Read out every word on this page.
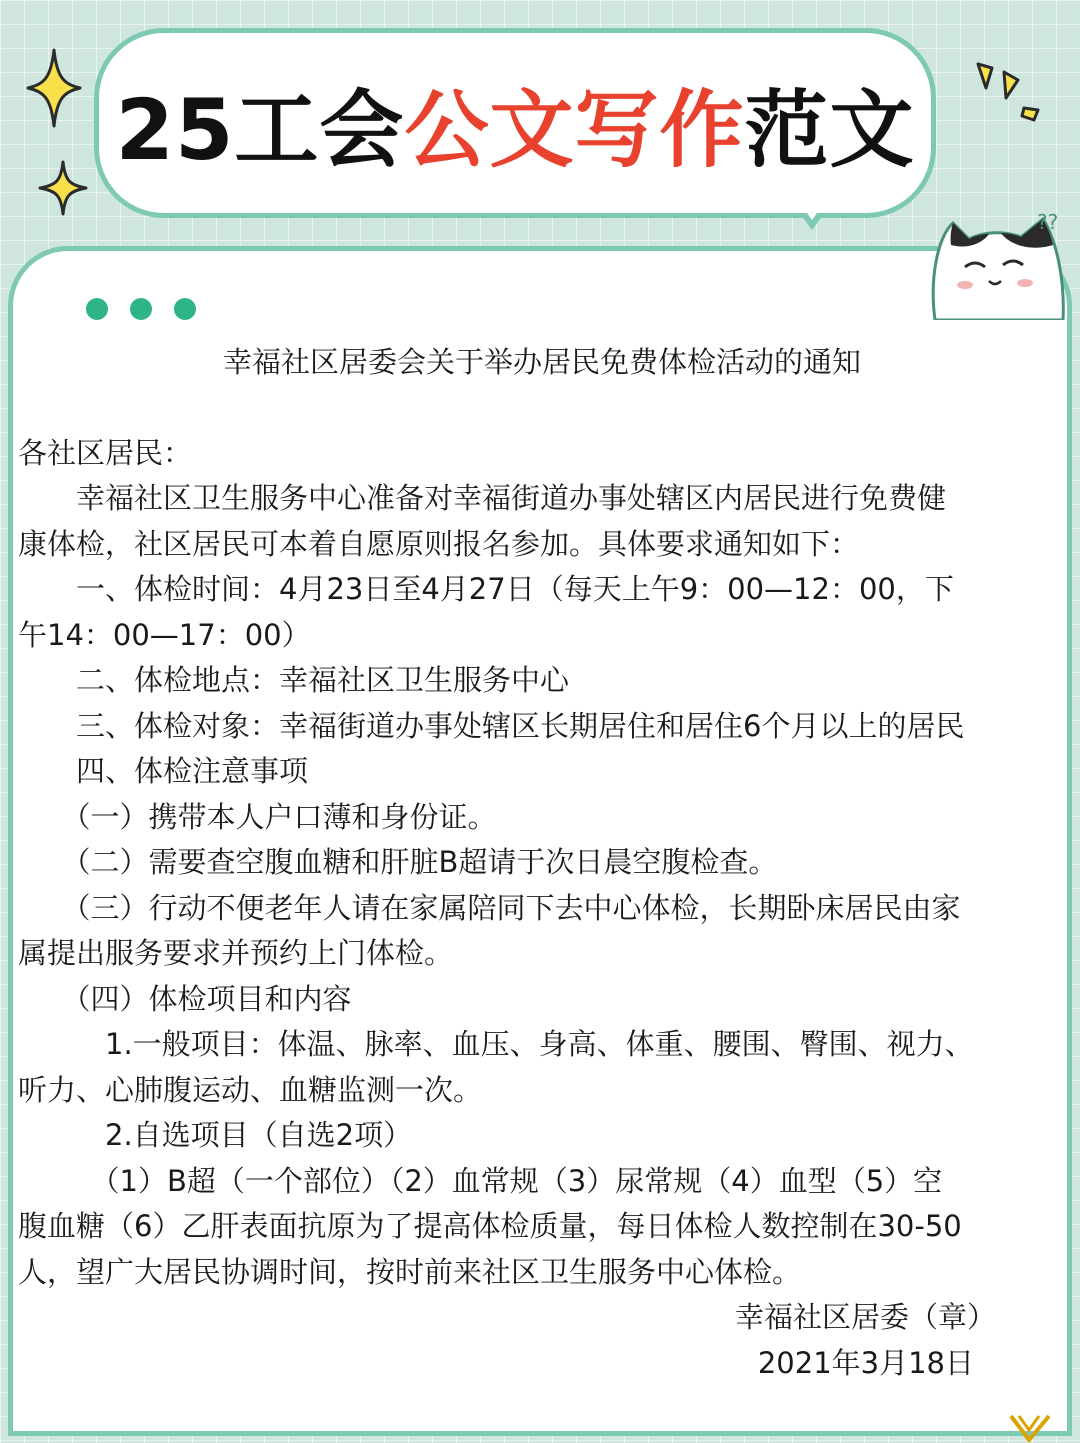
25工会 公文写作 范文
??
幸福社区居委会关于举办居民免费体检活动的通知
各社区居民：
　　幸福社区卫生服务中心准备对幸福街道办事处辖区内居民进行免费健
康体检，社区居民可本着自愿原则报名参加。具体要求通知如下：
　　一、体检时间：4月23日至4月27日（每天上午9：00—12：00，下
午14：00—17：00）
　　二、体检地点：幸福社区卫生服务中心
　　三、体检对象：幸福街道办事处辖区长期居住和居住6个月以上的居民
　　四、体检注意事项
　　（一）携带本人户口薄和身份证。
　　（二）需要查空腹血糖和肝脏B超请于次日晨空腹检查。
　　（三）行动不便老年人请在家属陪同下去中心体检，长期卧床居民由家
属提出服务要求并预约上门体检。
　　（四）体检项目和内容
　　　1.一般项目：体温、脉率、血压、身高、体重、腰围、臀围、视力、
听力、心肺腹运动、血糖监测一次。
　　　2.自选项目（自选2项）
　　　（1）B超（一个部位）（2）血常规（3）尿常规（4）血型（5）空
腹血糖（6）乙肝表面抗原为了提高体检质量，每日体检人数控制在30-50
人，望广大居民协调时间，按时前来社区卫生服务中心体检。
幸福社区居委（章）
2021年3月18日
